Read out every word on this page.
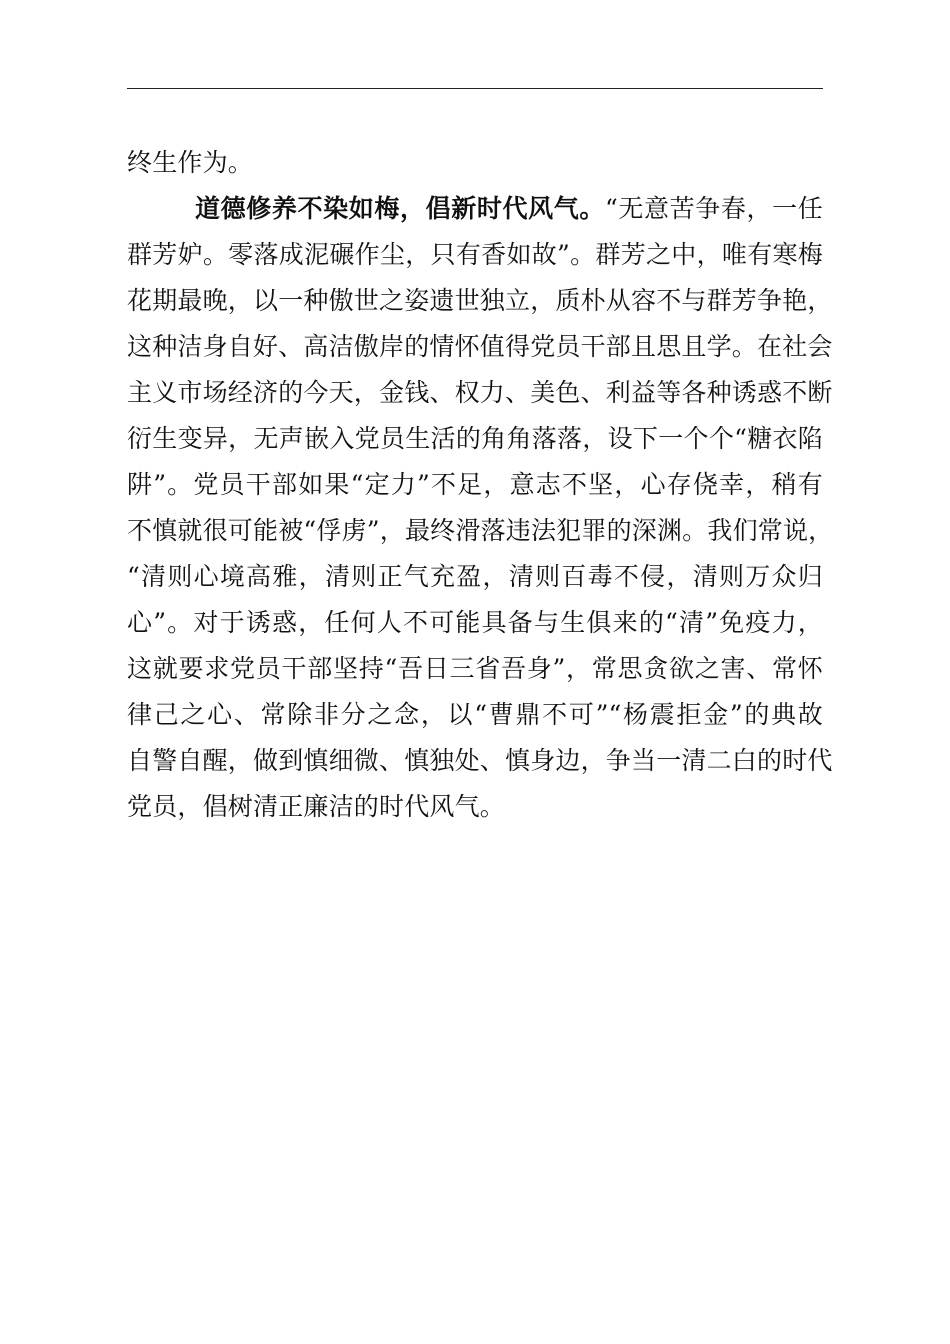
终生作为。
道德修养不染如梅，倡新时代风气。“无意苦争春，一任
群芳妒。零落成泥碾作尘，只有香如故”。群芳之中，唯有寒梅
花期最晚，以一种傲世之姿遗世独立，质朴从容不与群芳争艳，
这种洁身自好、高洁傲岸的情怀值得党员干部且思且学。在社会
主义市场经济的今天，金钱、权力、美色、利益等各种诱惑不断
衍生变异，无声嵌入党员生活的角角落落，设下一个个“糖衣陷
阱”。党员干部如果“定力”不足，意志不坚，心存侥幸，稍有
不慎就很可能被“俘虏”，最终滑落违法犯罪的深渊。我们常说，
“清则心境高雅，清则正气充盈，清则百毒不侵，清则万众归
心”。对于诱惑，任何人不可能具备与生俱来的“清”免疫力，
这就要求党员干部坚持“吾日三省吾身”，常思贪欲之害、常怀
律己之心、常除非分之念，以“曹鼎不可”“杨震拒金”的典故
自警自醒，做到慎细微、慎独处、慎身边，争当一清二白的时代
党员，倡树清正廉洁的时代风气。
